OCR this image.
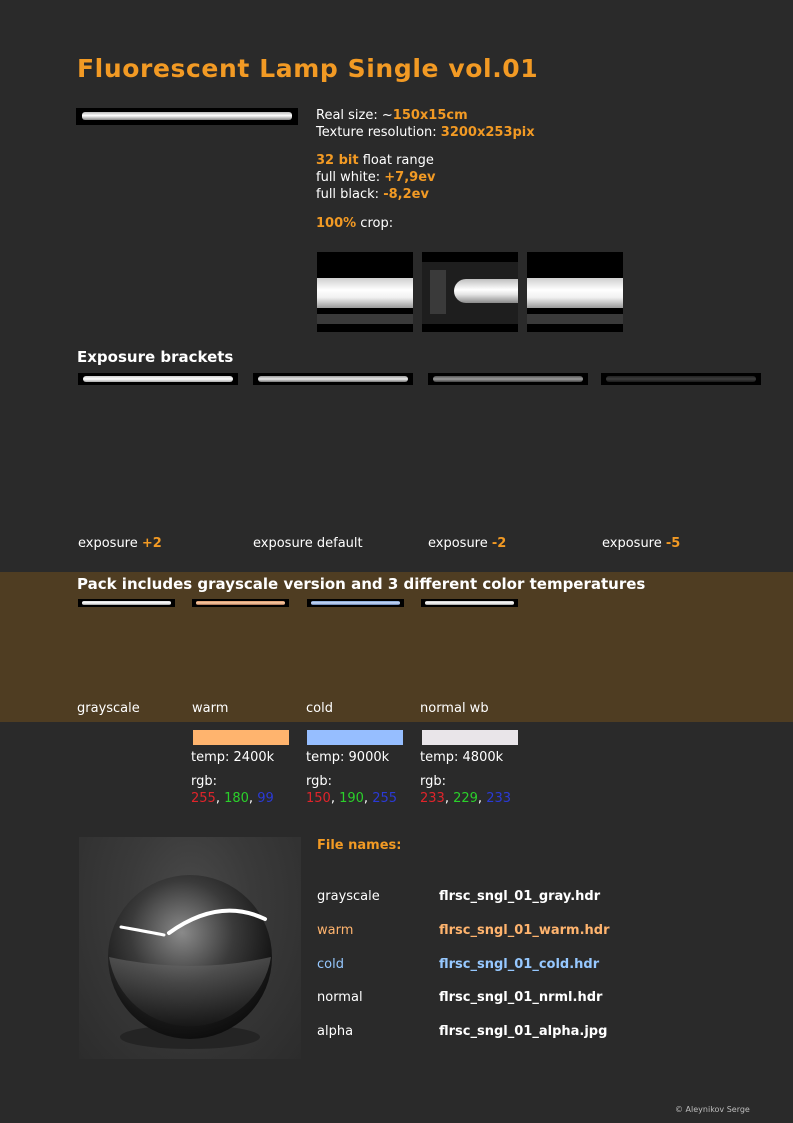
Fluorescent Lamp Single vol.01
Real size: ~150x15cm
Texture resolution: 3200x253pix
32 bit float range
full white: +7,9ev
full black: -8,2ev
100% crop:
Exposure brackets
exposure +2	exposure default	exposure -2	exposure -5
Pack includes grayscale version and 3 different color temperatures
grayscale	warm	cold	normal wb
temp: 2400k temp: 9000k temp: 4800k
rgb:	rgb:	rgb:
255, 180, 99 150, 190, 255 233, 229, 233
File names:
grayscale	flrsc_sngl_01_gray.hdr
warm	flrsc_sngl_01_warm.hdr
cold	flrsc_sngl_01_cold.hdr
normal	flrsc_sngl_01_nrml.hdr
alpha	flrsc_sngl_01_alpha.jpg
© Aleynikov Serge
